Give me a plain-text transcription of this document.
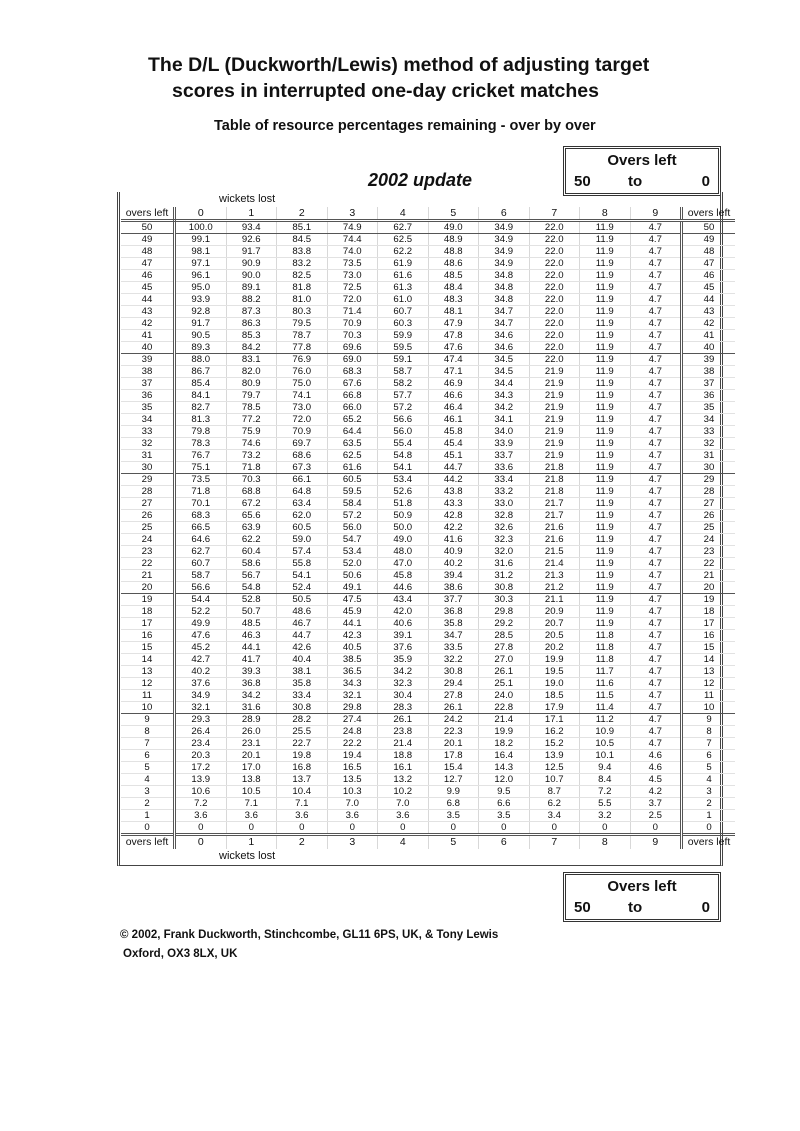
The D/L (Duckworth/Lewis) method of adjusting target
scores in interrupted one-day cricket matches
Table of resource percentages remaining - over by over
2002 update
Overs left
50 to	0
wickets lost
overs left	0	1	2	3	4	5	6	7	8	9	overs left
50	100.0	93.4	85.1	74.9	62.7	49.0	34.9	22.0	11.9	4.7	50
49	99.1	92.6	84.5	74.4	62.5	48.9	34.9	22.0	11.9	4.7	49
48	98.1	91.7	83.8	74.0	62.2	48.8	34.9	22.0	11.9	4.7	48
47	97.1	90.9	83.2	73.5	61.9	48.6	34.9	22.0	11.9	4.7	47
46	96.1	90.0	82.5	73.0	61.6	48.5	34.8	22.0	11.9	4.7	46
45	95.0	89.1	81.8	72.5	61.3	48.4	34.8	22.0	11.9	4.7	45
44	93.9	88.2	81.0	72.0	61.0	48.3	34.8	22.0	11.9	4.7	44
43	92.8	87.3	80.3	71.4	60.7	48.1	34.7	22.0	11.9	4.7	43
42	91.7	86.3	79.5	70.9	60.3	47.9	34.7	22.0	11.9	4.7	42
41	90.5	85.3	78.7	70.3	59.9	47.8	34.6	22.0	11.9	4.7	41
40	89.3	84.2	77.8	69.6	59.5	47.6	34.6	22.0	11.9	4.7	40
39	88.0	83.1	76.9	69.0	59.1	47.4	34.5	22.0	11.9	4.7	39
38	86.7	82.0	76.0	68.3	58.7	47.1	34.5	21.9	11.9	4.7	38
37	85.4	80.9	75.0	67.6	58.2	46.9	34.4	21.9	11.9	4.7	37
36	84.1	79.7	74.1	66.8	57.7	46.6	34.3	21.9	11.9	4.7	36
35	82.7	78.5	73.0	66.0	57.2	46.4	34.2	21.9	11.9	4.7	35
34	81.3	77.2	72.0	65.2	56.6	46.1	34.1	21.9	11.9	4.7	34
33	79.8	75.9	70.9	64.4	56.0	45.8	34.0	21.9	11.9	4.7	33
32	78.3	74.6	69.7	63.5	55.4	45.4	33.9	21.9	11.9	4.7	32
31	76.7	73.2	68.6	62.5	54.8	45.1	33.7	21.9	11.9	4.7	31
30	75.1	71.8	67.3	61.6	54.1	44.7	33.6	21.8	11.9	4.7	30
29	73.5	70.3	66.1	60.5	53.4	44.2	33.4	21.8	11.9	4.7	29
28	71.8	68.8	64.8	59.5	52.6	43.8	33.2	21.8	11.9	4.7	28
27	70.1	67.2	63.4	58.4	51.8	43.3	33.0	21.7	11.9	4.7	27
26	68.3	65.6	62.0	57.2	50.9	42.8	32.8	21.7	11.9	4.7	26
25	66.5	63.9	60.5	56.0	50.0	42.2	32.6	21.6	11.9	4.7	25
24	64.6	62.2	59.0	54.7	49.0	41.6	32.3	21.6	11.9	4.7	24
23	62.7	60.4	57.4	53.4	48.0	40.9	32.0	21.5	11.9	4.7	23
22	60.7	58.6	55.8	52.0	47.0	40.2	31.6	21.4	11.9	4.7	22
21	58.7	56.7	54.1	50.6	45.8	39.4	31.2	21.3	11.9	4.7	21
20	56.6	54.8	52.4	49.1	44.6	38.6	30.8	21.2	11.9	4.7	20
19	54.4	52.8	50.5	47.5	43.4	37.7	30.3	21.1	11.9	4.7	19
18	52.2	50.7	48.6	45.9	42.0	36.8	29.8	20.9	11.9	4.7	18
17	49.9	48.5	46.7	44.1	40.6	35.8	29.2	20.7	11.9	4.7	17
16	47.6	46.3	44.7	42.3	39.1	34.7	28.5	20.5	11.8	4.7	16
15	45.2	44.1	42.6	40.5	37.6	33.5	27.8	20.2	11.8	4.7	15
14	42.7	41.7	40.4	38.5	35.9	32.2	27.0	19.9	11.8	4.7	14
13	40.2	39.3	38.1	36.5	34.2	30.8	26.1	19.5	11.7	4.7	13
12	37.6	36.8	35.8	34.3	32.3	29.4	25.1	19.0	11.6	4.7	12
11	34.9	34.2	33.4	32.1	30.4	27.8	24.0	18.5	11.5	4.7	11
10	32.1	31.6	30.8	29.8	28.3	26.1	22.8	17.9	11.4	4.7	10
9	29.3	28.9	28.2	27.4	26.1	24.2	21.4	17.1	11.2	4.7	9
8	26.4	26.0	25.5	24.8	23.8	22.3	19.9	16.2	10.9	4.7	8
7	23.4	23.1	22.7	22.2	21.4	20.1	18.2	15.2	10.5	4.7	7
6	20.3	20.1	19.8	19.4	18.8	17.8	16.4	13.9	10.1	4.6	6
5	17.2	17.0	16.8	16.5	16.1	15.4	14.3	12.5	9.4	4.6	5
4	13.9	13.8	13.7	13.5	13.2	12.7	12.0	10.7	8.4	4.5	4
3	10.6	10.5	10.4	10.3	10.2	9.9	9.5	8.7	7.2	4.2	3
2	7.2	7.1	7.1	7.0	7.0	6.8	6.6	6.2	5.5	3.7	2
1	3.6	3.6	3.6	3.6	3.6	3.5	3.5	3.4	3.2	2.5	1
0	0	0	0	0	0	0	0	0	0	0	0
overs left	0	1	2	3	4	5	6	7	8	9	overs left
wickets lost
Overs left
50 to	0
© 2002, Frank Duckworth, Stinchcombe, GL11 6PS, UK, & Tony Lewis
Oxford, OX3 8LX, UK
